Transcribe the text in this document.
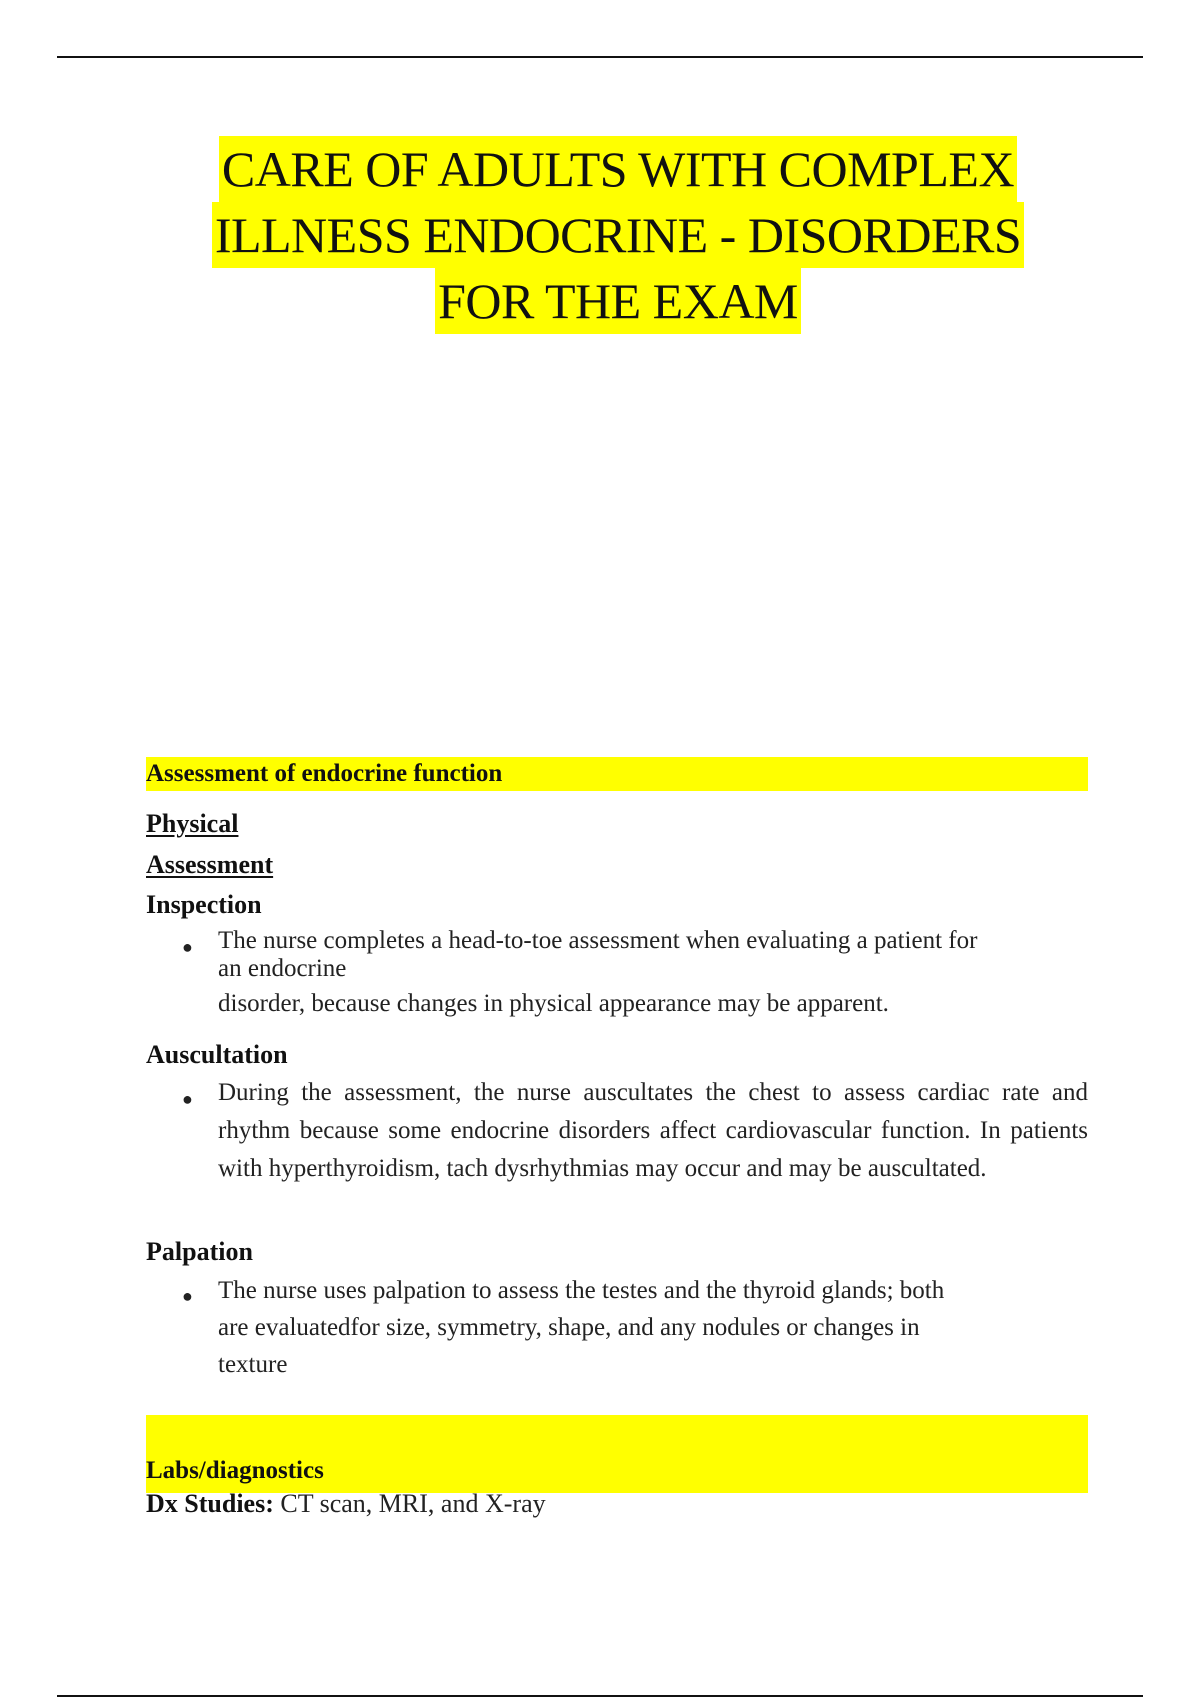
CARE OF ADULTS WITH COMPLEX
ILLNESS ENDOCRINE - DISORDERS
FOR THE EXAM
Assessment of endocrine function
Physical
Assessment
Inspection
●	The nurse completes a head-to-toe assessment when evaluating a patient for
an endocrine
disorder, because changes in physical appearance may be apparent.
Auscultation
●	During the assessment, the nurse auscultates the chest to assess cardiac rate and rhythm because some endocrine disorders affect cardiovascular function. In patients with hyperthyroidism, tach dysrhythmias may occur and may be auscultated.
Palpation
●	The nurse uses palpation to assess the testes and the thyroid glands; both
are evaluatedfor size, symmetry, shape, and any nodules or changes in
texture
Labs/diagnostics
Dx Studies: CT scan, MRI, and X-ray
